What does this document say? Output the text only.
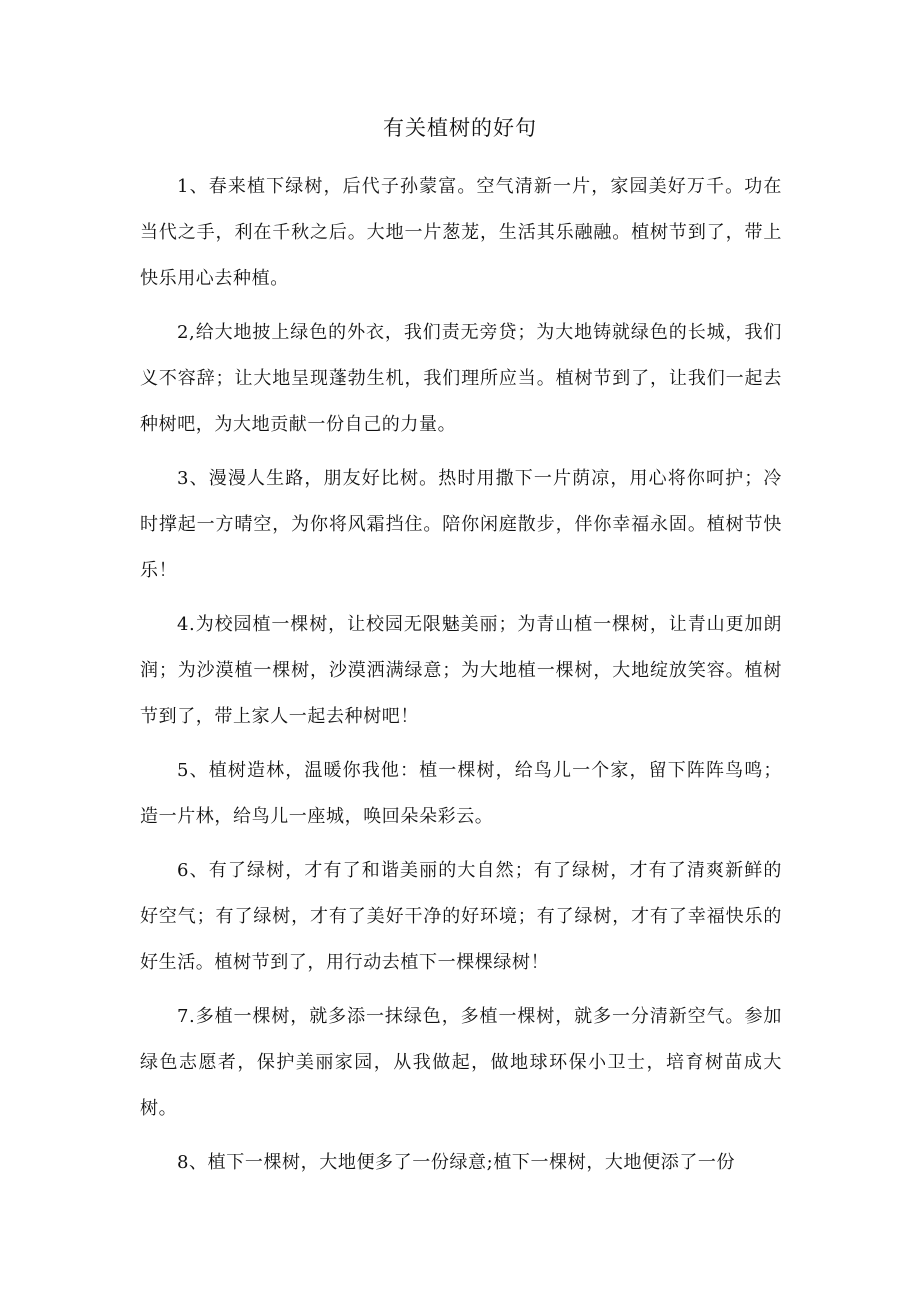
有关植树的好句

1、春来植下绿树，后代子孙蒙富。空气清新一片，家园美好万千。功在当代之手，利在千秋之后。大地一片葱茏，生活其乐融融。植树节到了，带上快乐用心去种植。

2,给大地披上绿色的外衣，我们责无旁贷；为大地铸就绿色的长城，我们义不容辞；让大地呈现蓬勃生机，我们理所应当。植树节到了，让我们一起去种树吧，为大地贡献一份自己的力量。

3、漫漫人生路，朋友好比树。热时用撒下一片荫凉，用心将你呵护；冷时撑起一方晴空，为你将风霜挡住。陪你闲庭散步，伴你幸福永固。植树节快乐！

4.为校园植一棵树，让校园无限魅美丽；为青山植一棵树，让青山更加朗润；为沙漠植一棵树，沙漠洒满绿意；为大地植一棵树，大地绽放笑容。植树节到了，带上家人一起去种树吧！

5、植树造林，温暖你我他：植一棵树，给鸟儿一个家，留下阵阵鸟鸣；造一片林，给鸟儿一座城，唤回朵朵彩云。

6、有了绿树，才有了和谐美丽的大自然；有了绿树，才有了清爽新鲜的好空气；有了绿树，才有了美好干净的好环境；有了绿树，才有了幸福快乐的好生活。植树节到了，用行动去植下一棵棵绿树！

7.多植一棵树，就多添一抹绿色，多植一棵树，就多一分清新空气。参加绿色志愿者，保护美丽家园，从我做起，做地球环保小卫士，培育树苗成大树。

8、植下一棵树，大地便多了一份绿意;植下一棵树，大地便添了一份
